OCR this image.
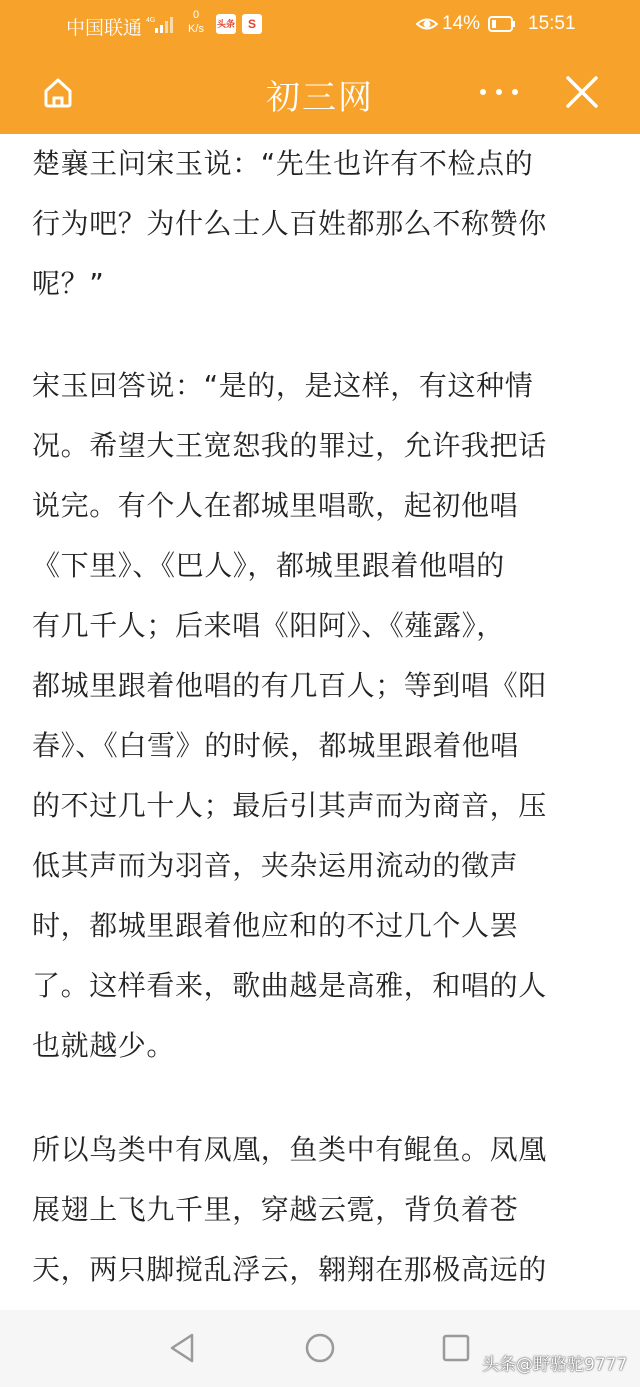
中国联通 4G	0
K/s	头条	S	14%	15:51
初三网

楚襄王问宋玉说：“先生也许有不检点的
行为吧？为什么士人百姓都那么不称赞你
呢？”

宋玉回答说：“是的，是这样，有这种情
况。希望大王宽恕我的罪过，允许我把话
说完。有个人在都城里唱歌，起初他唱
《下里》、《巴人》，都城里跟着他唱的
有几千人；后来唱《阳阿》、《薤露》，
都城里跟着他唱的有几百人；等到唱《阳
春》、《白雪》的时候，都城里跟着他唱
的不过几十人；最后引其声而为商音，压
低其声而为羽音，夹杂运用流动的徵声
时，都城里跟着他应和的不过几个人罢
了。这样看来，歌曲越是高雅，和唱的人
也就越少。

所以鸟类中有凤凰，鱼类中有鲲鱼。凤凰
展翅上飞九千里，穿越云霓，背负着苍
天，两只脚搅乱浮云，翱翔在那极高远的

头条@野骆驼9777
